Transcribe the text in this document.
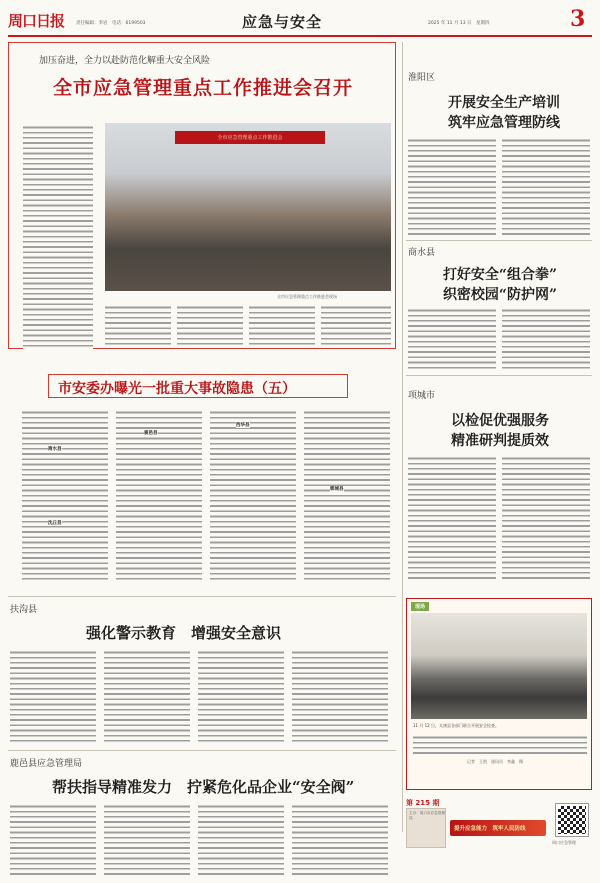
周口日报	责任编辑：李岩　电话：6199503	应急与安全	2025 年 11 月 13 日　星期四	3
加压奋进，全力以赴防范化解重大安全风险
全市应急管理重点工作推进会召开
全市应急管理重点工作推进会
全市应急管理重点工作推进会现场
市安委办曝光一批重大事故隐患（五）
商水县
鹿邑县
西华县
郸城县
沈丘县
扶沟县
强化警示教育　增强安全意识
鹿邑县应急管理局
帮扶指导精准发力　拧紧危化品企业“安全阀”
淮阳区
开展安全生产培训
筑牢应急管理防线
商水县
打好安全“组合拳”
织密校园“防护网”
项城市
以检促优强服务
精准研判提质效
现场
11 月 12 日，太康县各部门联合开展安全检查。
记者　王凯　通讯员　李鑫　摄
第 215 期
主办：周口市应急管理局
提升应急能力　筑牢人民防线
周口应急管理
